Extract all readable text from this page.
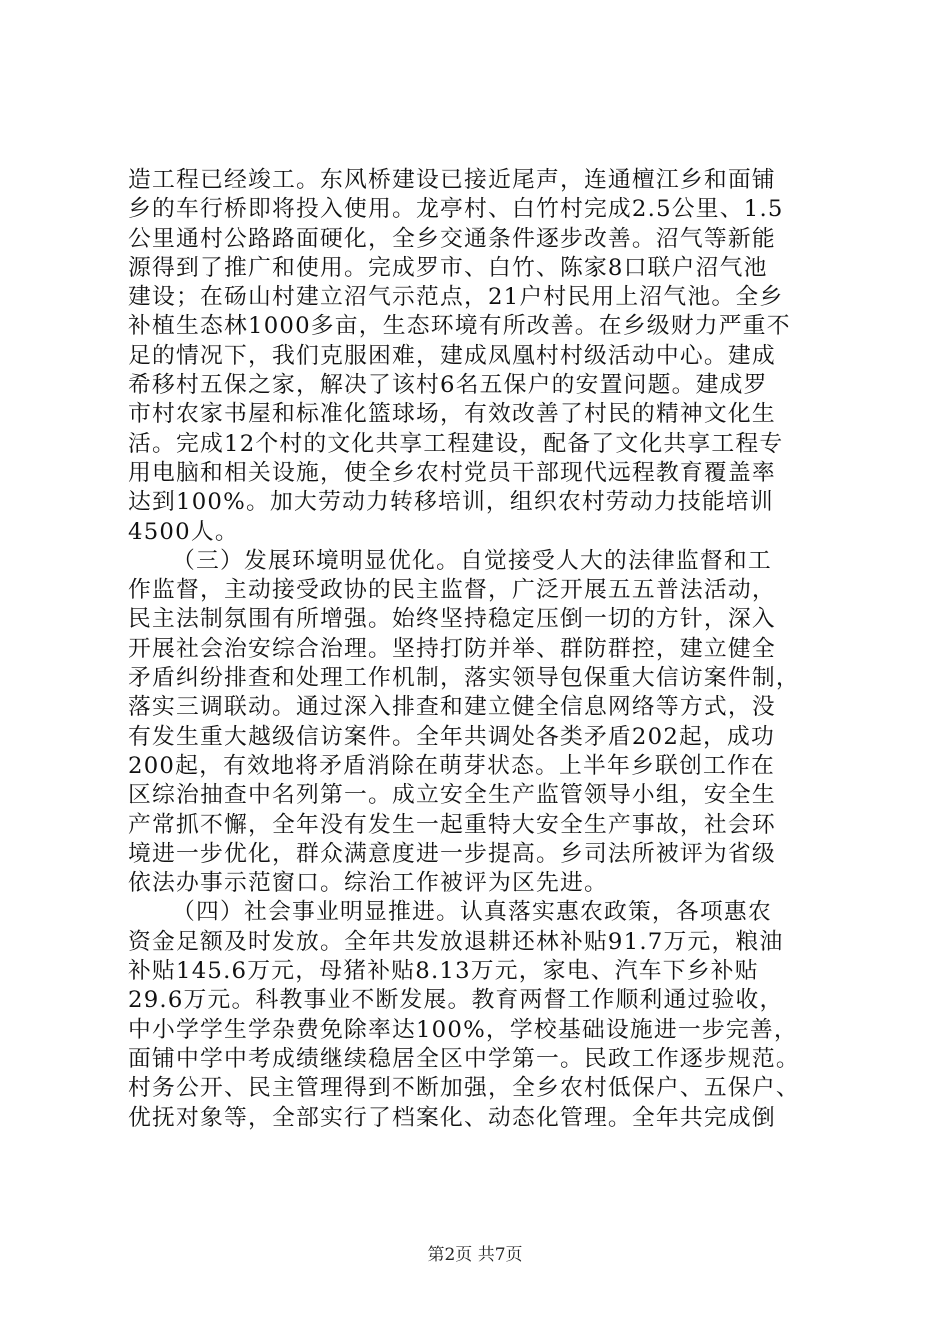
造工程已经竣工。东风桥建设已接近尾声，连通檀江乡和面铺
乡的车行桥即将投入使用。龙亭村、白竹村完成2.5公里、1.5
公里通村公路路面硬化，全乡交通条件逐步改善。沼气等新能
源得到了推广和使用。完成罗市、白竹、陈家8口联户沼气池
建设；在砀山村建立沼气示范点，21户村民用上沼气池。全乡
补植生态林1000多亩，生态环境有所改善。在乡级财力严重不
足的情况下，我们克服困难，建成凤凰村村级活动中心。建成
希移村五保之家，解决了该村6名五保户的安置问题。建成罗
市村农家书屋和标准化篮球场，有效改善了村民的精神文化生
活。完成12个村的文化共享工程建设，配备了文化共享工程专
用电脑和相关设施，使全乡农村党员干部现代远程教育覆盖率
达到100%。加大劳动力转移培训，组织农村劳动力技能培训
4500人。
（三）发展环境明显优化。自觉接受人大的法律监督和工
作监督，主动接受政协的民主监督，广泛开展五五普法活动，
民主法制氛围有所增强。始终坚持稳定压倒一切的方针，深入
开展社会治安综合治理。坚持打防并举、群防群控，建立健全
矛盾纠纷排查和处理工作机制，落实领导包保重大信访案件制，
落实三调联动。通过深入排查和建立健全信息网络等方式，没
有发生重大越级信访案件。全年共调处各类矛盾202起，成功
200起，有效地将矛盾消除在萌芽状态。上半年乡联创工作在
区综治抽查中名列第一。成立安全生产监管领导小组，安全生
产常抓不懈，全年没有发生一起重特大安全生产事故，社会环
境进一步优化，群众满意度进一步提高。乡司法所被评为省级
依法办事示范窗口。综治工作被评为区先进。
（四）社会事业明显推进。认真落实惠农政策，各项惠农
资金足额及时发放。全年共发放退耕还林补贴91.7万元，粮油
补贴145.6万元，母猪补贴8.13万元，家电、汽车下乡补贴
29.6万元。科教事业不断发展。教育两督工作顺利通过验收，
中小学学生学杂费免除率达100%，学校基础设施进一步完善，
面铺中学中考成绩继续稳居全区中学第一。民政工作逐步规范。
村务公开、民主管理得到不断加强，全乡农村低保户、五保户、
优抚对象等，全部实行了档案化、动态化管理。全年共完成倒
第2页 共7页
